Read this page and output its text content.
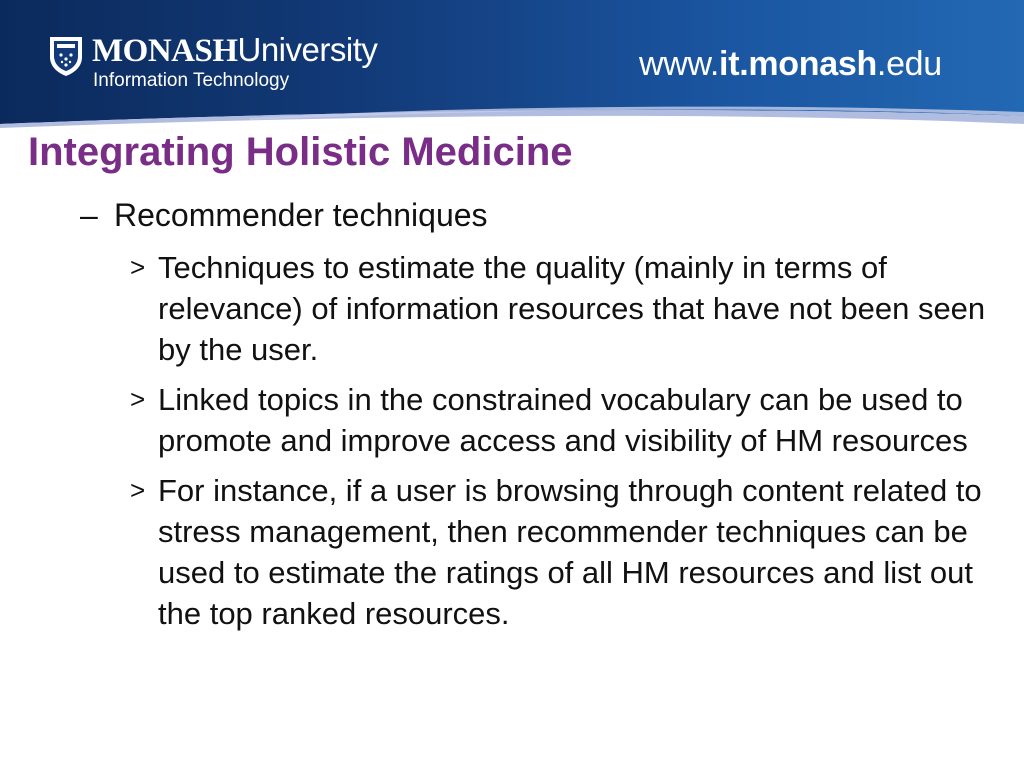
MONASHUniversity
Information Technology	www.it.monash.edu
Integrating Holistic Medicine

– Recommender techniques

> Techniques to estimate the quality (mainly in terms of relevance) of information resources that have not been seen by the user.
> Linked topics in the constrained vocabulary can be used to promote and improve access and visibility of HM resources
> For instance, if a user is browsing through content related to stress management, then recommender techniques can be used to estimate the ratings of all HM resources and list out the top ranked resources.
